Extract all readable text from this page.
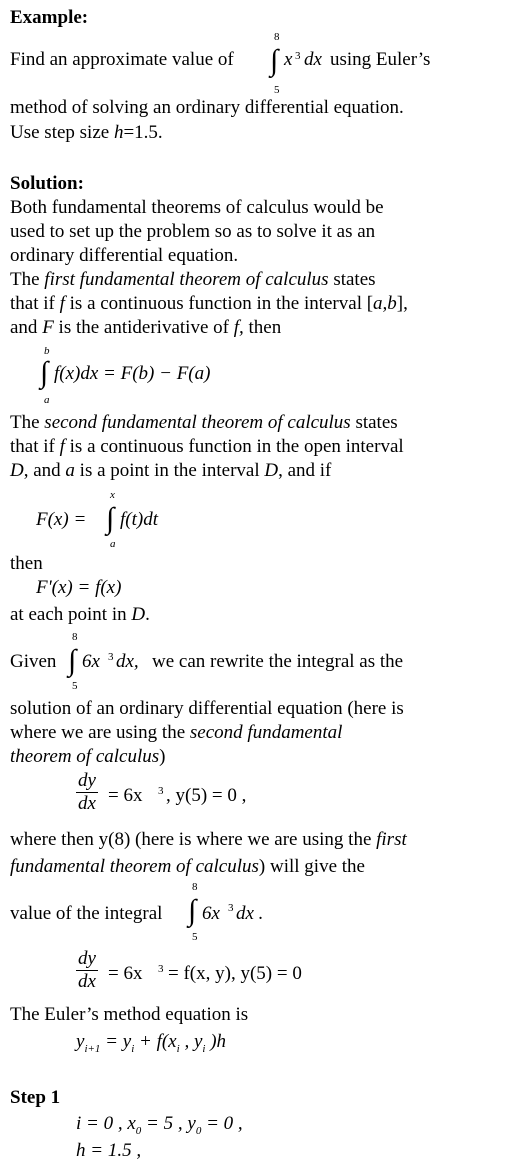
Example:
Find an approximate value of
8
∫
5
x 3 dx using Euler’s
method of solving an ordinary differential equation.
Use step size h=1.5.
Solution:
Both fundamental theorems of calculus would be
used to set up the problem so as to solve it as an
ordinary differential equation.
The first fundamental theorem of calculus states
that if f is a continuous function in the interval [a,b],
and F is the antiderivative of f, then
b
∫
a
f(x)dx = F(b) − F(a)
The second fundamental theorem of calculus states
that if f is a continuous function in the open interval
D, and a is a point in the interval D, and if
F(x) =
x
∫
a
f(t)dt
then
F'(x) = f(x)
at each point in D.
Given
8
∫
5
6x 3 dx, we can rewrite the integral as the
solution of an ordinary differential equation (here is
where we are using the second fundamental
theorem of calculus)
$\frac{dy}{dx} = 6x$ 3 , y(5) = 0 ,
where then y(8) (here is where we are using the first
fundamental theorem of calculus) will give the
value of the integral
8
∫
5
6x 3 dx .
$\frac{dy}{dx} = 6x$ 3 = f(x, y), y(5) = 0
The Euler’s method equation is
$y_{i+1} = y_i + f(x_i$ , $y_i$ )h
Step 1
i = 0 , $x_0 = 5$ , $y_0 = 0$ ,
h = 1.5 ,
